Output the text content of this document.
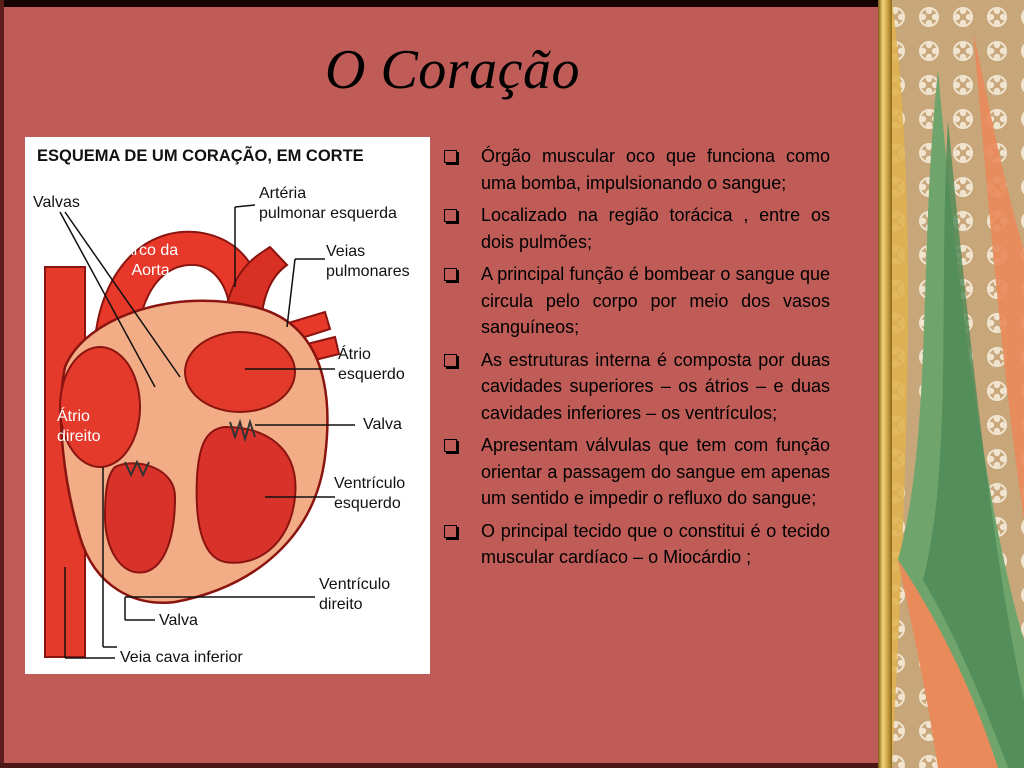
O Coração
ESQUEMA DE UM CORAÇÃO, EM CORTE
Valvas
Artéria
pulmonar esquerda
Arco da
Aorta
Veias
pulmonares
Átrio
esquerdo
Átrio
direito
Valva
Ventrículo
esquerdo
Ventrículo
direito
Valva
Veia cava inferior
Órgão muscular oco que funciona como uma bomba, impulsionando o sangue;
Localizado na região torácica , entre os dois pulmões;
A principal função é bombear o sangue que circula pelo corpo por meio dos vasos sanguíneos;
As estruturas interna é composta por duas cavidades superiores – os átrios – e duas cavidades inferiores – os ventrículos;
Apresentam válvulas que tem com função orientar a passagem do sangue em apenas um sentido e impedir o refluxo do sangue;
O principal tecido que o constitui é o tecido muscular cardíaco – o Miocárdio ;
